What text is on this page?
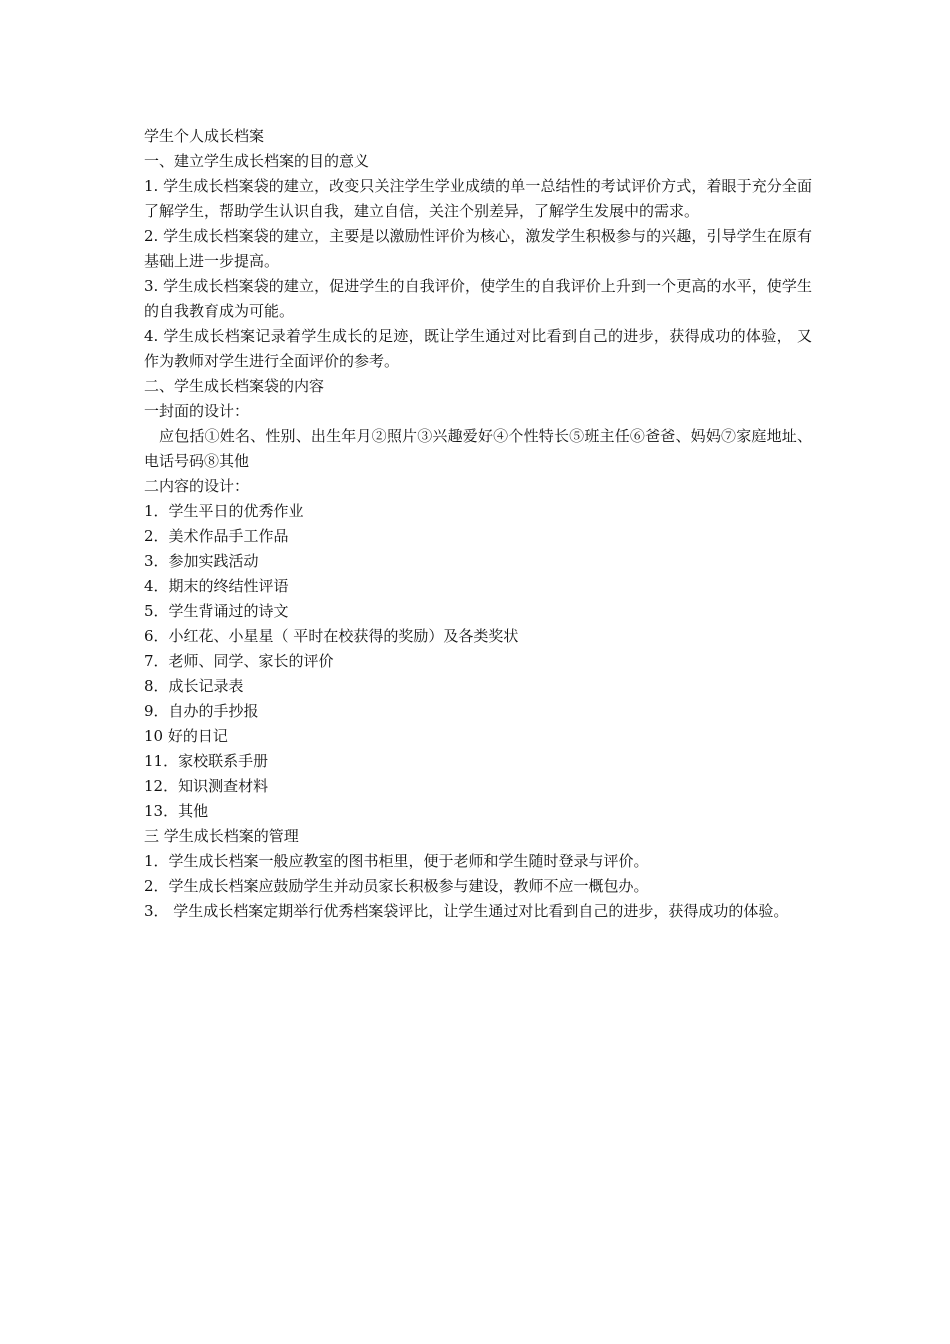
学生个人成长档案
一、建立学生成长档案的目的意义
1. 学生成长档案袋的建立，改变只关注学生学业成绩的单一总结性的考试评价方式，着眼于充分全面了解学生，帮助学生认识自我，建立自信，关注个别差异，了解学生发展中的需求。
2. 学生成长档案袋的建立，主要是以激励性评价为核心，激发学生积极参与的兴趣，引导学生在原有基础上进一步提高。
3. 学生成长档案袋的建立，促进学生的自我评价，使学生的自我评价上升到一个更高的水平，使学生的自我教育成为可能。
4. 学生成长档案记录着学生成长的足迹，既让学生通过对比看到自己的进步，获得成功的体验， 又作为教师对学生进行全面评价的参考。
二、学生成长档案袋的内容
一封面的设计：
应包括①姓名、性别、出生年月②照片③兴趣爱好④个性特长⑤班主任⑥爸爸、妈妈⑦家庭地址、电话号码⑧其他
二内容的设计：
1．学生平日的优秀作业
2．美术作品手工作品
3．参加实践活动
4．期末的终结性评语
5．学生背诵过的诗文
6．小红花、小星星（ 平时在校获得的奖励）及各类奖状
7．老师、同学、家长的评价
8．成长记录表
9．自办的手抄报
10 好的日记
11．家校联系手册
12．知识测查材料
13．其他
三 学生成长档案的管理
1．学生成长档案一般应教室的图书柜里，便于老师和学生随时登录与评价。
2．学生成长档案应鼓励学生并动员家长积极参与建设，教师不应一概包办。
3． 学生成长档案定期举行优秀档案袋评比，让学生通过对比看到自己的进步，获得成功的体验。
